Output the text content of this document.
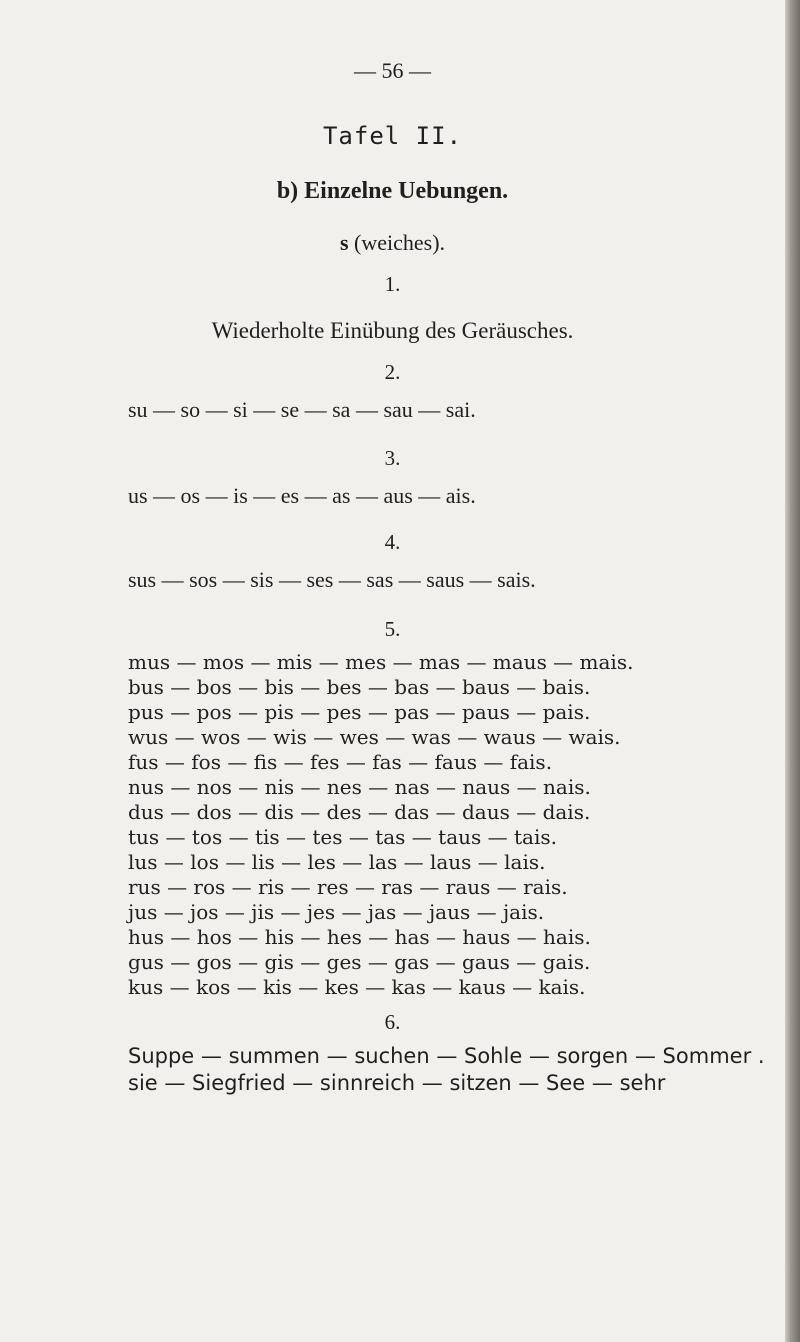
— 56 —
Tafel II.
b) Einzelne Uebungen.
s (weiches).
1.
Wiederholte Einübung des Geräusches.
2.
su — so — si — se — sa — sau — sai.
3.
us — os — is — es — as — aus — ais.
4.
sus — sos — sis — ses — sas — saus — sais.
5.
mus — mos — mis — mes — mas — maus — mais.
bus — bos — bis — bes — bas — baus — bais.
pus — pos — pis — pes — pas — paus — pais.
wus — wos — wis — wes — was — waus — wais.
fus — fos — fis — fes — fas — faus — fais.
nus — nos — nis — nes — nas — naus — nais.
dus — dos — dis — des — das — daus — dais.
tus — tos — tis — tes — tas — taus — tais.
lus — los — lis — les — las — laus — lais.
rus — ros — ris — res — ras — raus — rais.
jus — jos — jis — jes — jas — jaus — jais.
hus — hos — his — hes — has — haus — hais.
gus — gos — gis — ges — gas — gaus — gais.
kus — kos — kis — kes — kas — kaus — kais.
6.
Suppe — summen — suchen — Sohle — sorgen — Sommer .
sie — Siegfried — sinnreich — sitzen — See — sehr
